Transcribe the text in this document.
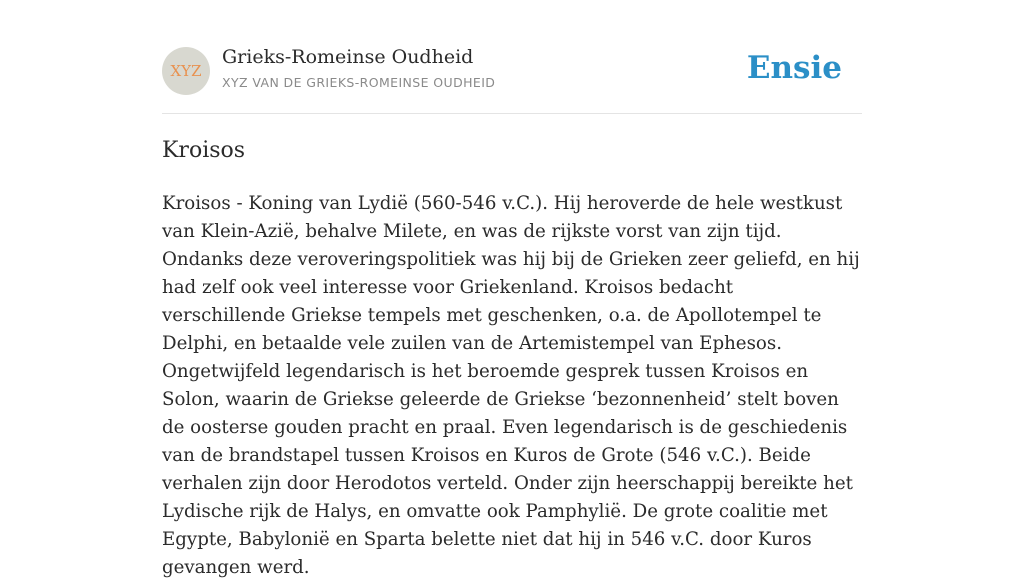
XYZ
Grieks-Romeinse Oudheid
XYZ VAN DE GRIEKS-ROMEINSE OUDHEID	Ensie
Kroisos

Kroisos - Koning van Lydië (560-546 v.C.). Hij heroverde de hele westkust van Klein-Azië, behalve Milete, en was de rijkste vorst van zijn tijd. Ondanks deze veroveringspolitiek was hij bij de Grieken zeer geliefd, en hij had zelf ook veel interesse voor Griekenland. Kroisos bedacht verschillende Griekse tempels met geschenken, o.a. de Apollotempel te Delphi, en betaalde vele zuilen van de Artemistempel van Ephesos. Ongetwijfeld legendarisch is het beroemde gesprek tussen Kroisos en Solon, waarin de Griekse geleerde de Griekse ‘bezonnenheid’ stelt boven de oosterse gouden pracht en praal. Even legendarisch is de geschiedenis van de brandstapel tussen Kroisos en Kuros de Grote (546 v.C.). Beide verhalen zijn door Herodotos verteld. Onder zijn heerschappij bereikte het Lydische rijk de Halys, en omvatte ook Pamphylië. De grote coalitie met Egypte, Babylonië en Sparta belette niet dat hij in 546 v.C. door Kuros gevangen werd.
